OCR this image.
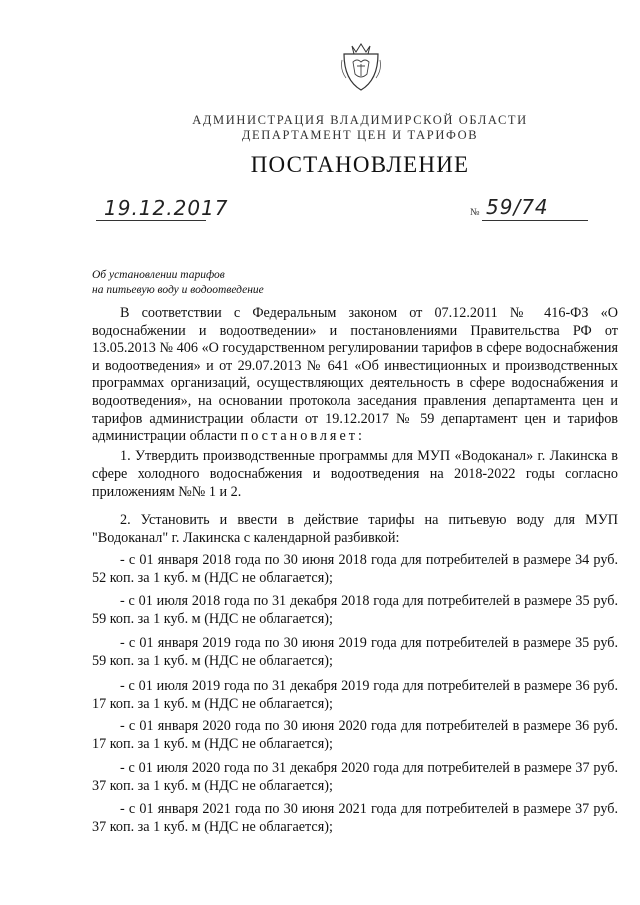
АДМИНИСТРАЦИЯ ВЛАДИМИРСКОЙ ОБЛАСТИ
ДЕПАРТАМЕНТ ЦЕН И ТАРИФОВ
ПОСТАНОВЛЕНИЕ
19.12.2017	№ 59/74
Об установлении тарифов
на питьевую воду и водоотведение

В соответствии с Федеральным законом от 07.12.2011 № 416-ФЗ «О водоснабжении и водоотведении» и постановлениями Правительства РФ от 13.05.2013 № 406 «О государственном регулировании тарифов в сфере водоснабжения и водоотведения» и от 29.07.2013 № 641 «Об инвестиционных и производственных программах организаций, осуществляющих деятельность в сфере водоснабжения и водоотведения», на основании протокола заседания правления департамента цен и тарифов администрации области от 19.12.2017 № 59 департамент цен и тарифов администрации области постановляет:

1. Утвердить производственные программы для МУП «Водоканал» г. Лакинска в сфере холодного водоснабжения и водоотведения на 2018-2022 годы согласно приложениям №№ 1 и 2.

2. Установить и ввести в действие тарифы на питьевую воду для МУП "Водоканал" г. Лакинска с календарной разбивкой:

- с 01 января 2018 года по 30 июня 2018 года для потребителей в размере 34 руб. 52 коп. за 1 куб. м (НДС не облагается);

- с 01 июля 2018 года по 31 декабря 2018 года для потребителей в размере 35 руб. 59 коп. за 1 куб. м (НДС не облагается);

- с 01 января 2019 года по 30 июня 2019 года для потребителей в размере 35 руб. 59 коп. за 1 куб. м (НДС не облагается);

- с 01 июля 2019 года по 31 декабря 2019 года для потребителей в размере 36 руб. 17 коп. за 1 куб. м (НДС не облагается);

- с 01 января 2020 года по 30 июня 2020 года для потребителей в размере 36 руб. 17 коп. за 1 куб. м (НДС не облагается);

- с 01 июля 2020 года по 31 декабря 2020 года для потребителей в размере 37 руб. 37 коп. за 1 куб. м (НДС не облагается);

- с 01 января 2021 года по 30 июня 2021 года для потребителей в размере 37 руб. 37 коп. за 1 куб. м (НДС не облагается);
